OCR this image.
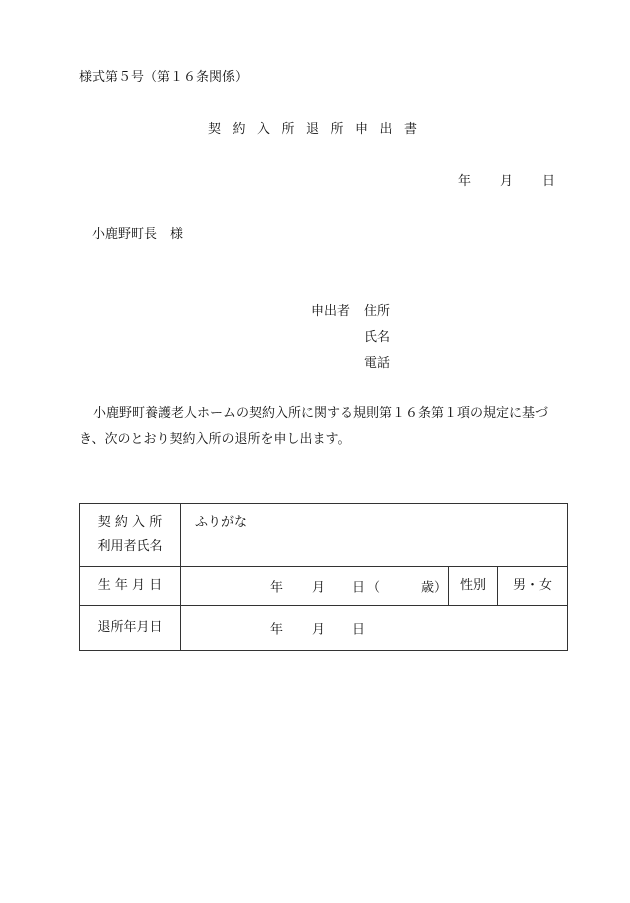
様式第５号（第１６条関係）
契約入所退所申出書
年 月 日
小鹿野町長　様
申出者 住所
氏名
電話
小鹿野町養護老人ホームの契約入所に関する規則第１６条第１項の規定に基づき、次のとおり契約入所の退所を申し出ます。
契 約 入 所
利用者氏名	ふりがな		
生 年 月 日	年 月 日 （ 歳）	性別	男・女
退所年月日	年 月 日		
